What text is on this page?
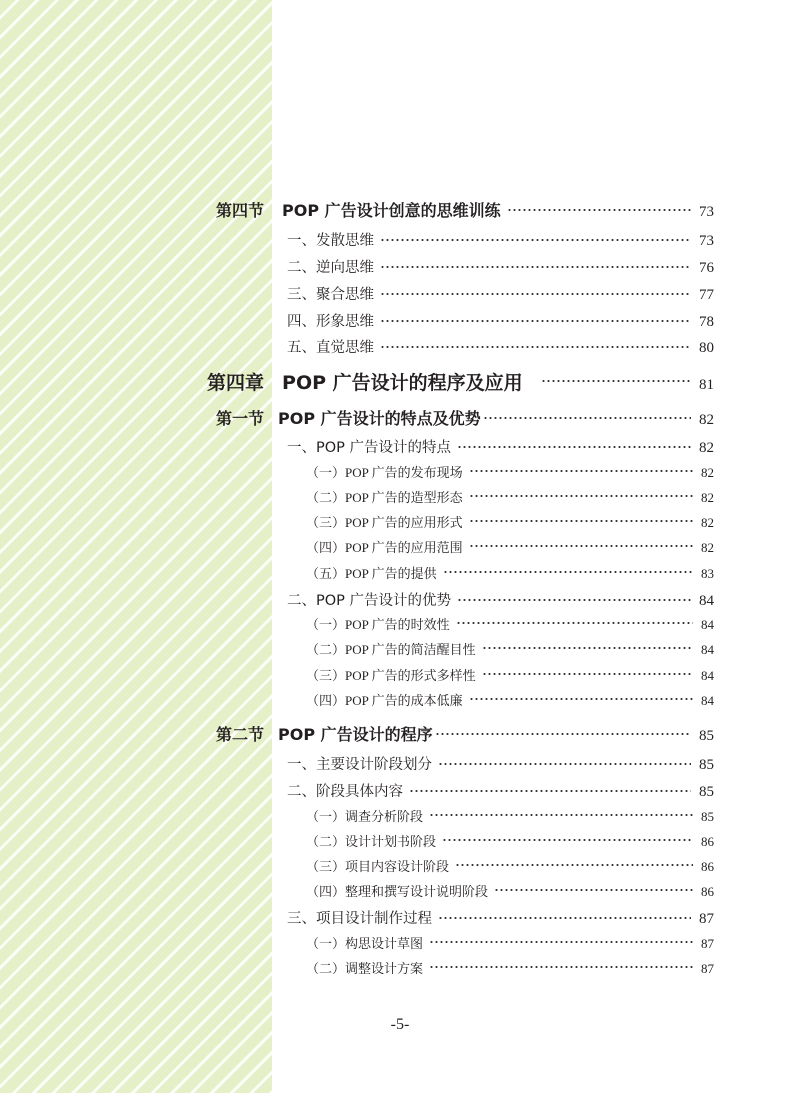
第四节 POP 广告设计创意的思维训练	73
一、发散思维	73
二、逆向思维	76
三、聚合思维	77
四、形象思维	78
五、直觉思维	80
第四章 POP 广告设计的程序及应用	81
第一节 POP 广告设计的特点及优势	82
一、POP 广告设计的特点	82
（一）POP 广告的发布现场	82
（二）POP 广告的造型形态	82
（三）POP 广告的应用形式	82
（四）POP 广告的应用范围	82
（五）POP 广告的提供	83
二、POP 广告设计的优势	84
（一）POP 广告的时效性	84
（二）POP 广告的简洁醒目性	84
（三）POP 广告的形式多样性	84
（四）POP 广告的成本低廉	84
第二节 POP 广告设计的程序	85
一、主要设计阶段划分	85
二、阶段具体内容	85
（一）调查分析阶段	85
（二）设计计划书阶段	86
（三）项目内容设计阶段	86
（四）整理和撰写设计说明阶段	86
三、项目设计制作过程	87
（一）构思设计草图	87
（二）调整设计方案	87
-5-
